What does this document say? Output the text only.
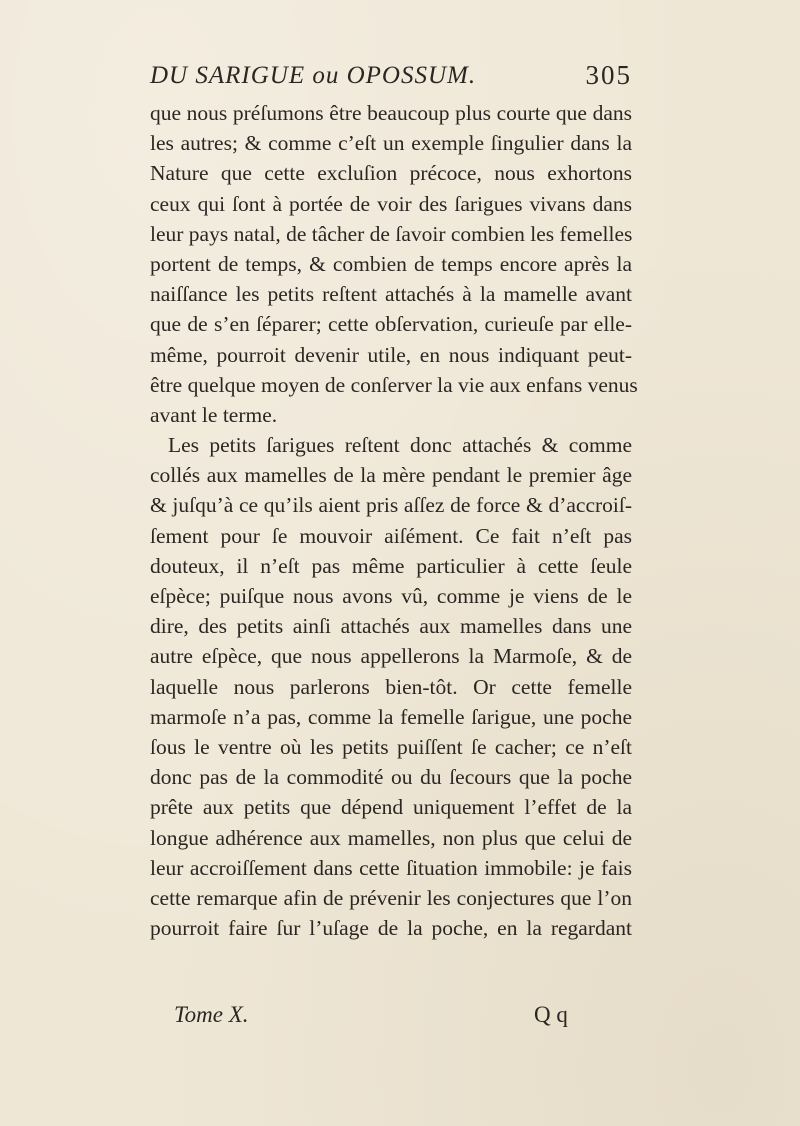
DU SARIGUE ou OPOSSUM.	305
que nous préſumons être beaucoup plus courte que dans
les autres; & comme c’eſt un exemple ſingulier dans la
Nature que cette excluſion précoce, nous exhortons
ceux qui ſont à portée de voir des ſarigues vivans dans
leur pays natal, de tâcher de ſavoir combien les femelles
portent de temps, & combien de temps encore après la
naiſſance les petits reſtent attachés à la mamelle avant
que de s’en ſéparer; cette obſervation, curieuſe par elle-
même, pourroit devenir utile, en nous indiquant peut-
être quelque moyen de conſerver la vie aux enfans venus
avant le terme.
Les petits ſarigues reſtent donc attachés & comme
collés aux mamelles de la mère pendant le premier âge
& juſqu’à ce qu’ils aient pris aſſez de force & d’accroiſ-
ſement pour ſe mouvoir aiſément. Ce fait n’eſt pas
douteux, il n’eſt pas même particulier à cette ſeule
eſpèce; puiſque nous avons vû, comme je viens de le
dire, des petits ainſi attachés aux mamelles dans une
autre eſpèce, que nous appellerons la Marmoſe, & de
laquelle nous parlerons bien-tôt. Or cette femelle
marmoſe n’a pas, comme la femelle ſarigue, une poche
ſous le ventre où les petits puiſſent ſe cacher; ce n’eſt
donc pas de la commodité ou du ſecours que la poche
prête aux petits que dépend uniquement l’effet de la
longue adhérence aux mamelles, non plus que celui de
leur accroiſſement dans cette ſituation immobile: je fais
cette remarque afin de prévenir les conjectures que l’on
pourroit faire ſur l’uſage de la poche, en la regardant
Tome X.	Q q
